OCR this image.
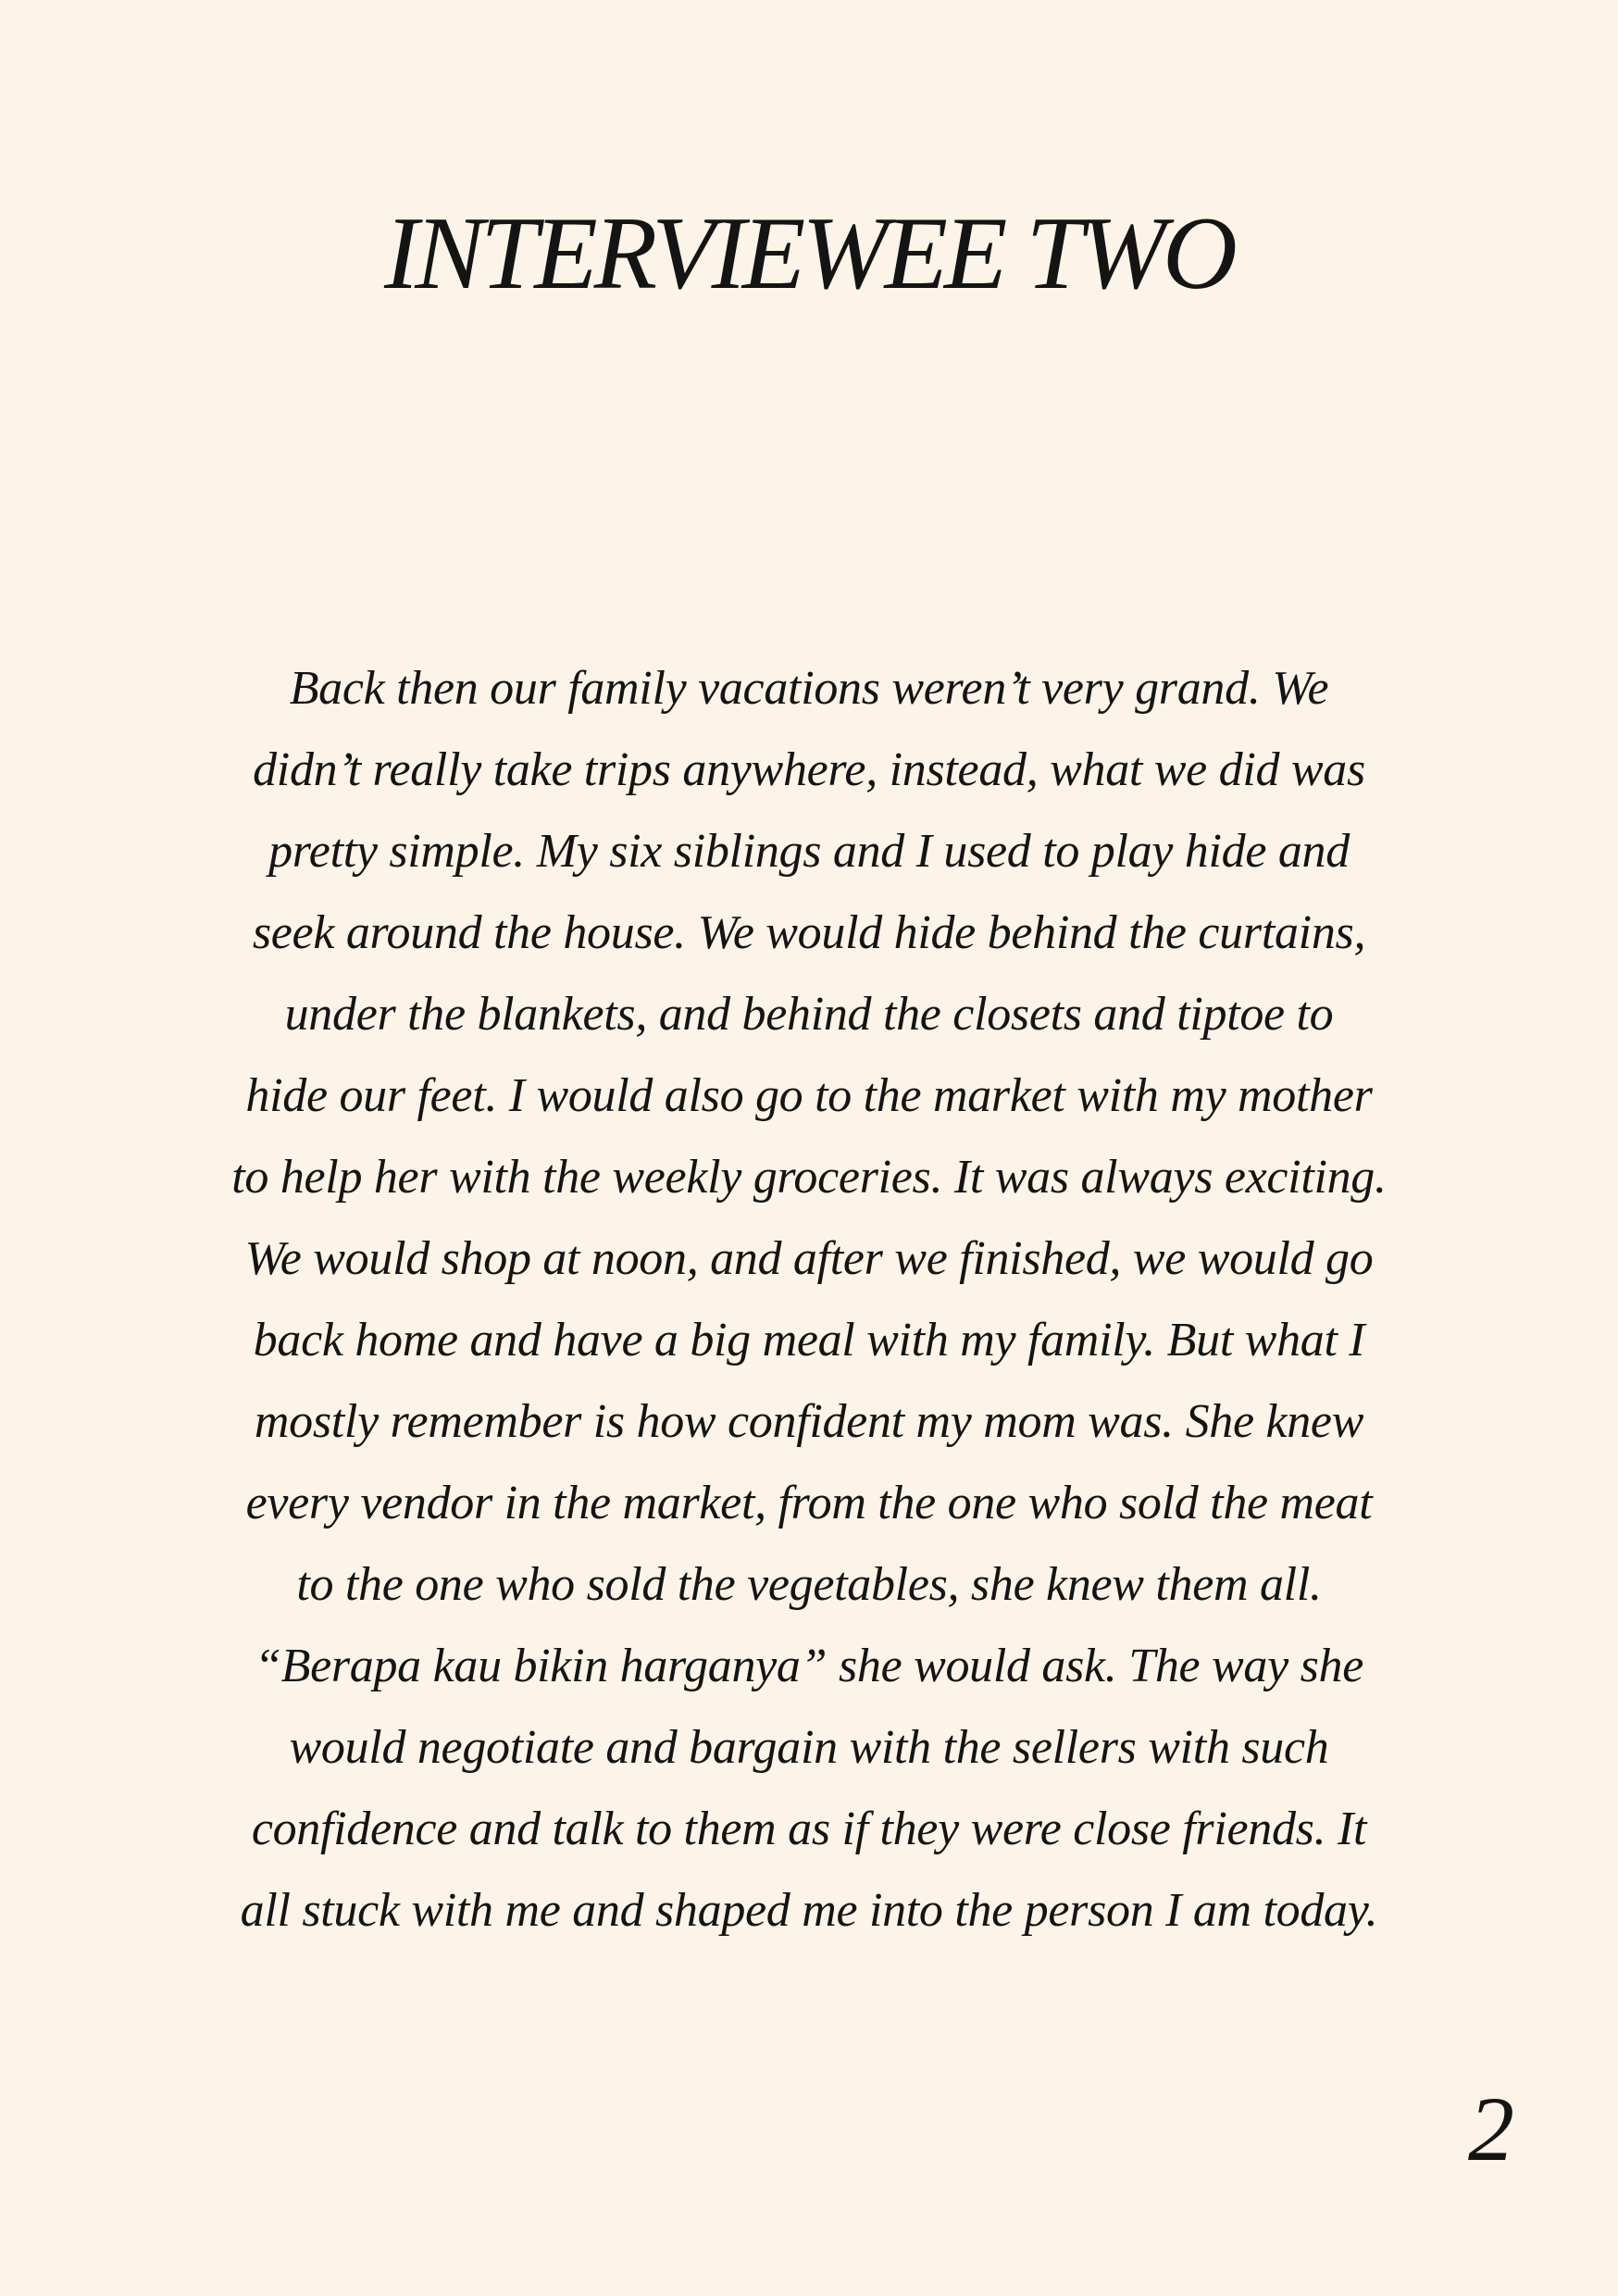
INTERVIEWEE TWO

Back then our family vacations weren’t very grand. We
didn’t really take trips anywhere, instead, what we did was
pretty simple. My six siblings and I used to play hide and
seek around the house. We would hide behind the curtains,
under the blankets, and behind the closets and tiptoe to
hide our feet. I would also go to the market with my mother
to help her with the weekly groceries. It was always exciting.
We would shop at noon, and after we finished, we would go
back home and have a big meal with my family. But what I
mostly remember is how confident my mom was. She knew
every vendor in the market, from the one who sold the meat
to the one who sold the vegetables, she knew them all.
“Berapa kau bikin harganya” she would ask. The way she
would negotiate and bargain with the sellers with such
confidence and talk to them as if they were close friends. It
all stuck with me and shaped me into the person I am today.

2
